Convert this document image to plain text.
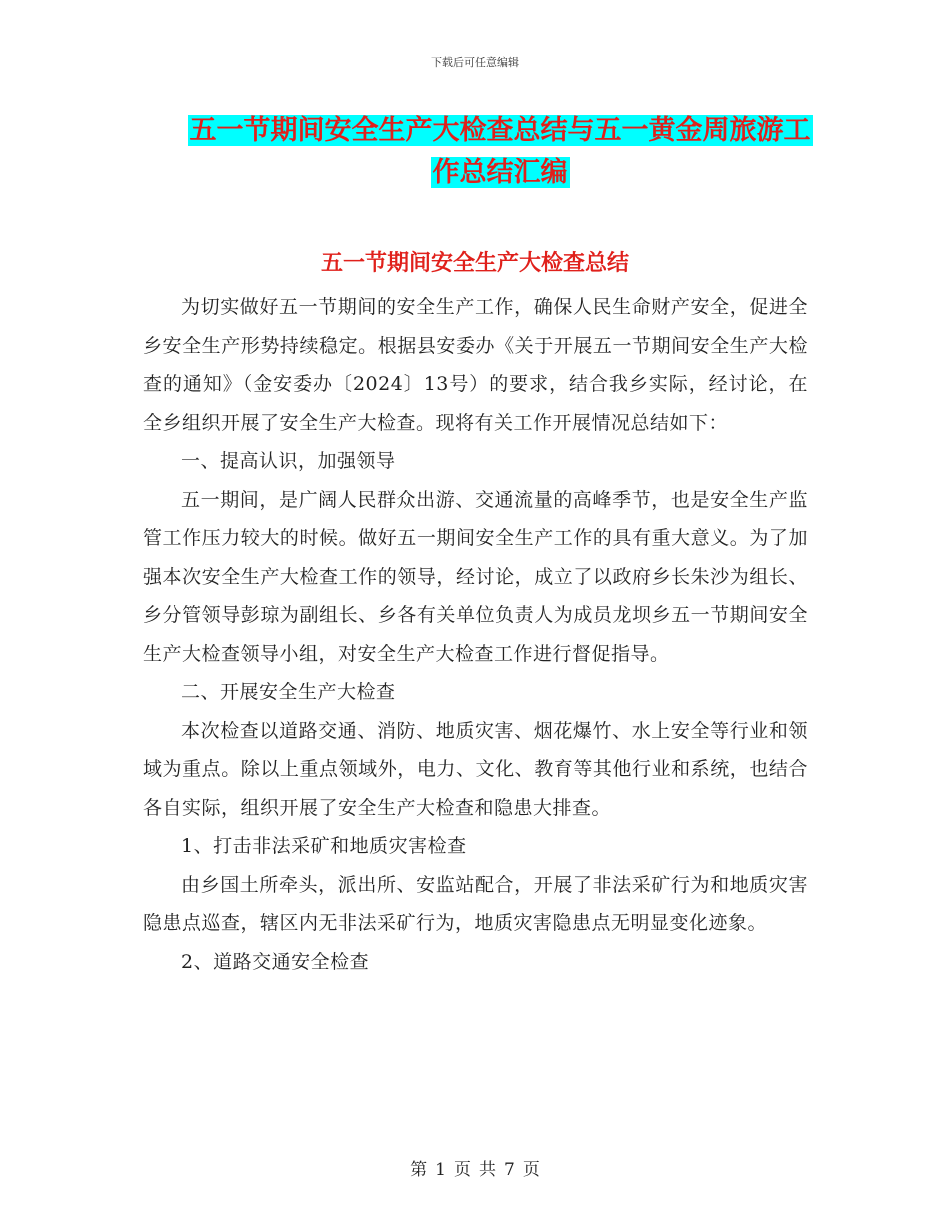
下载后可任意编辑
五一节期间安全生产大检查总结与五一黄金周旅游工
作总结汇编
五一节期间安全生产大检查总结

为切实做好五一节期间的安全生产工作，确保人民生命财产安全，促进全乡安全生产形势持续稳定。根据县安委办《关于开展五一节期间安全生产大检查的通知》（金安委办〔2024〕13号）的要求，结合我乡实际，经讨论，在全乡组织开展了安全生产大检查。现将有关工作开展情况总结如下：

一、提高认识，加强领导

五一期间，是广阔人民群众出游、交通流量的高峰季节，也是安全生产监管工作压力较大的时候。做好五一期间安全生产工作的具有重大意义。为了加强本次安全生产大检查工作的领导，经讨论，成立了以政府乡长朱沙为组长、乡分管领导彭琼为副组长、乡各有关单位负责人为成员龙坝乡五一节期间安全生产大检查领导小组，对安全生产大检查工作进行督促指导。

二、开展安全生产大检查

本次检查以道路交通、消防、地质灾害、烟花爆竹、水上安全等行业和领域为重点。除以上重点领域外，电力、文化、教育等其他行业和系统，也结合各自实际，组织开展了安全生产大检查和隐患大排查。

1、打击非法采矿和地质灾害检查

由乡国土所牵头，派出所、安监站配合，开展了非法采矿行为和地质灾害隐患点巡查，辖区内无非法采矿行为，地质灾害隐患点无明显变化迹象。

2、道路交通安全检查

第 1 页 共 7 页
